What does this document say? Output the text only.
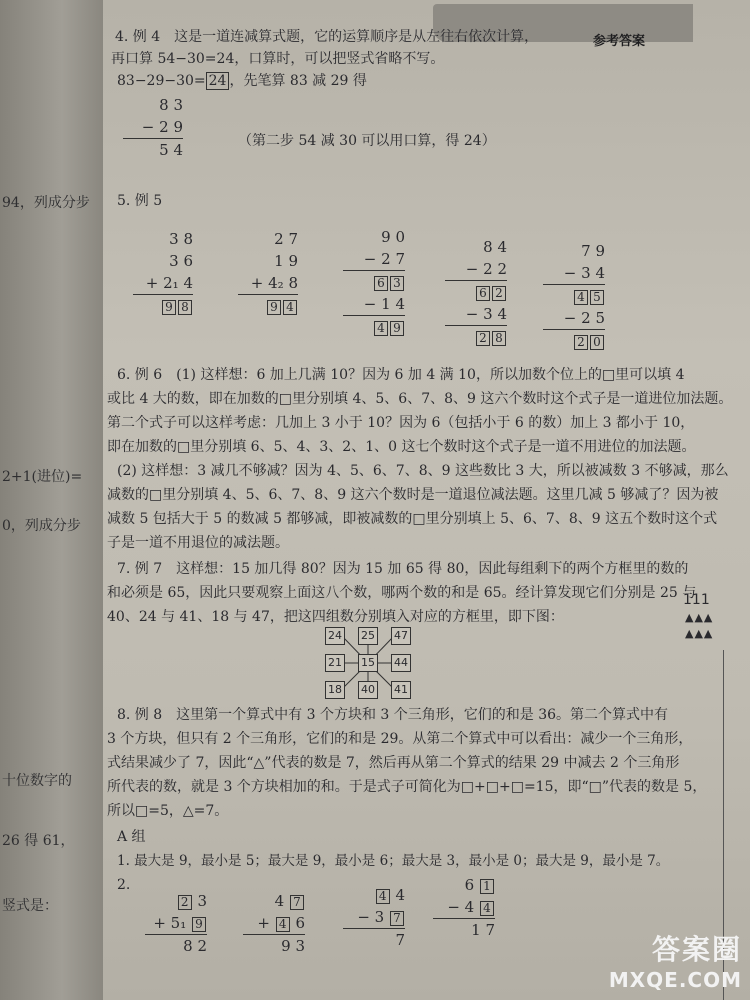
94，列成分步
2+1(进位)=
0，列成分步
十位数字的
26 得 61，
竖式是：
参考答案
4. 例 4　这是一道连减算式题，它的运算顺序是从左往右依次计算，
再口算 54−30=24，口算时，可以把竖式省略不写。
83−29−30= 24 ，先笔算 83 减 29 得
8 3
− 2 9
5 4	（第二步 54 减 30 可以用口算，得 24）
5. 例 5
3 8
3 6
+ 2₁ 4
9 8
2 7
1 9
+ 4₂ 8
9 4
9 0
− 2 7
6 3
− 1 4
4 9
8 4
− 2 2
6 2
− 3 4
2 8
7 9
− 3 4
4 5
− 2 5
2 0
6. 例 6　(1) 这样想：6 加上几满 10？因为 6 加 4 满 10，所以加数个位上的□里可以填 4
或比 4 大的数，即在加数的□里分别填 4、5、6、7、8、9 这六个数时这个式子是一道进位加法题。
第二个式子可以这样考虑：几加上 3 小于 10？因为 6（包括小于 6 的数）加上 3 都小于 10，
即在加数的□里分别填 6、5、4、3、2、1、0 这七个数时这个式子是一道不用进位的加法题。
(2) 这样想：3 减几不够减？因为 4、5、6、7、8、9 这些数比 3 大，所以被减数 3 不够减，那么
减数的□里分别填 4、5、6、7、8、9 这六个数时是一道退位减法题。这里几减 5 够减了？因为被
减数 5 包括大于 5 的数减 5 都够减，即被减数的□里分别填上 5、6、7、8、9 这五个数时这个式
子是一道不用退位的减法题。
7. 例 7　这样想：15 加几得 80？因为 15 加 65 得 80，因此每组剩下的两个方框里的数的
和必须是 65，因此只要观察上面这八个数，哪两个数的和是 65。经计算发现它们分别是 25 与
40、24 与 41、18 与 47，把这四组数分别填入对应的方框里，即下图：
24 25 47
21 15 44
18 40 41
111
▲▲▲
▲▲▲
8. 例 8　这里第一个算式中有 3 个方块和 3 个三角形，它们的和是 36。第二个算式中有
3 个方块，但只有 2 个三角形，它们的和是 29。从第二个算式中可以看出：减少一个三角形，
式结果减少了 7，因此“△”代表的数是 7，然后再从第二个算式的结果 29 中减去 2 个三角形
所代表的数，就是 3 个方块相加的和。于是式子可简化为□+□+□=15，即“□”代表的数是 5，
所以□=5，△=7。
A 组
1. 最大是 9，最小是 5；最大是 9，最小是 6；最大是 3，最小是 0；最大是 9，最小是 7。
2.
2 3
+ 5₁ 9
8 2
4 7
+ 4 6
9 3
4 4
− 3 7
7
6 1
− 4 4
1 7
答案圈
MXQE.COM
